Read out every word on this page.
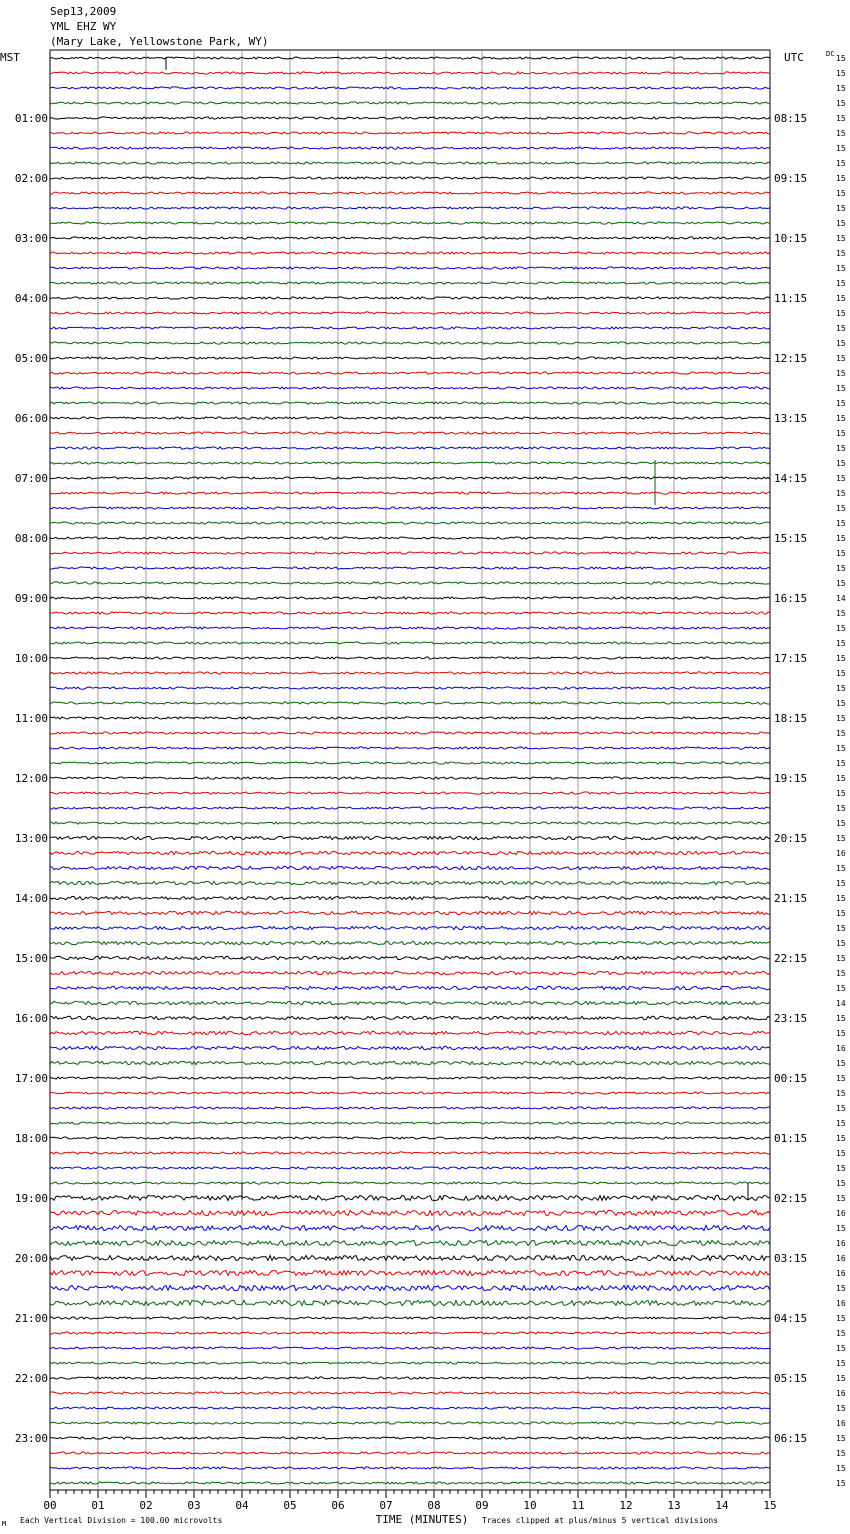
Sep13,2009
YML EHZ WY
(Mary Lake, Yellowstone Park, WY)
15
15
15
15
15
15
15
15
15
15
15
15
15
15
15
15
15
15
15
15
15
15
15
15
15
15
15
15
15
15
15
15
15
15
15
15
14
15
15
15
15
15
15
15
15
15
15
15
15
15
15
15
15
16
15
15
15
15
15
15
15
15
15
14
15
15
16
15
15
15
15
15
15
15
15
15
15
16
15
16
16
16
15
16
15
15
15
15
15
16
15
16
15
15
15
15
MST	UTC	DC
01:00
02:00
03:00
04:00
05:00
06:00
07:00
08:00
09:00
10:00
11:00
12:00
13:00
14:00
15:00
16:00
17:00
18:00
19:00
20:00
21:00
22:00
23:00
08:15
09:15
10:15
11:15
12:15
13:15
14:15
15:15
16:15
17:15
18:15
19:15
20:15
21:15
22:15
23:15
00:15
01:15
02:15
03:15
04:15
05:15
06:15
00	01	02	03	04	05	06	07	08	09	10	11	12	13	14	15
M Each Vertical Division = 100.00 microvolts	TIME (MINUTES) Traces clipped at plus/minus 5 vertical divisions
